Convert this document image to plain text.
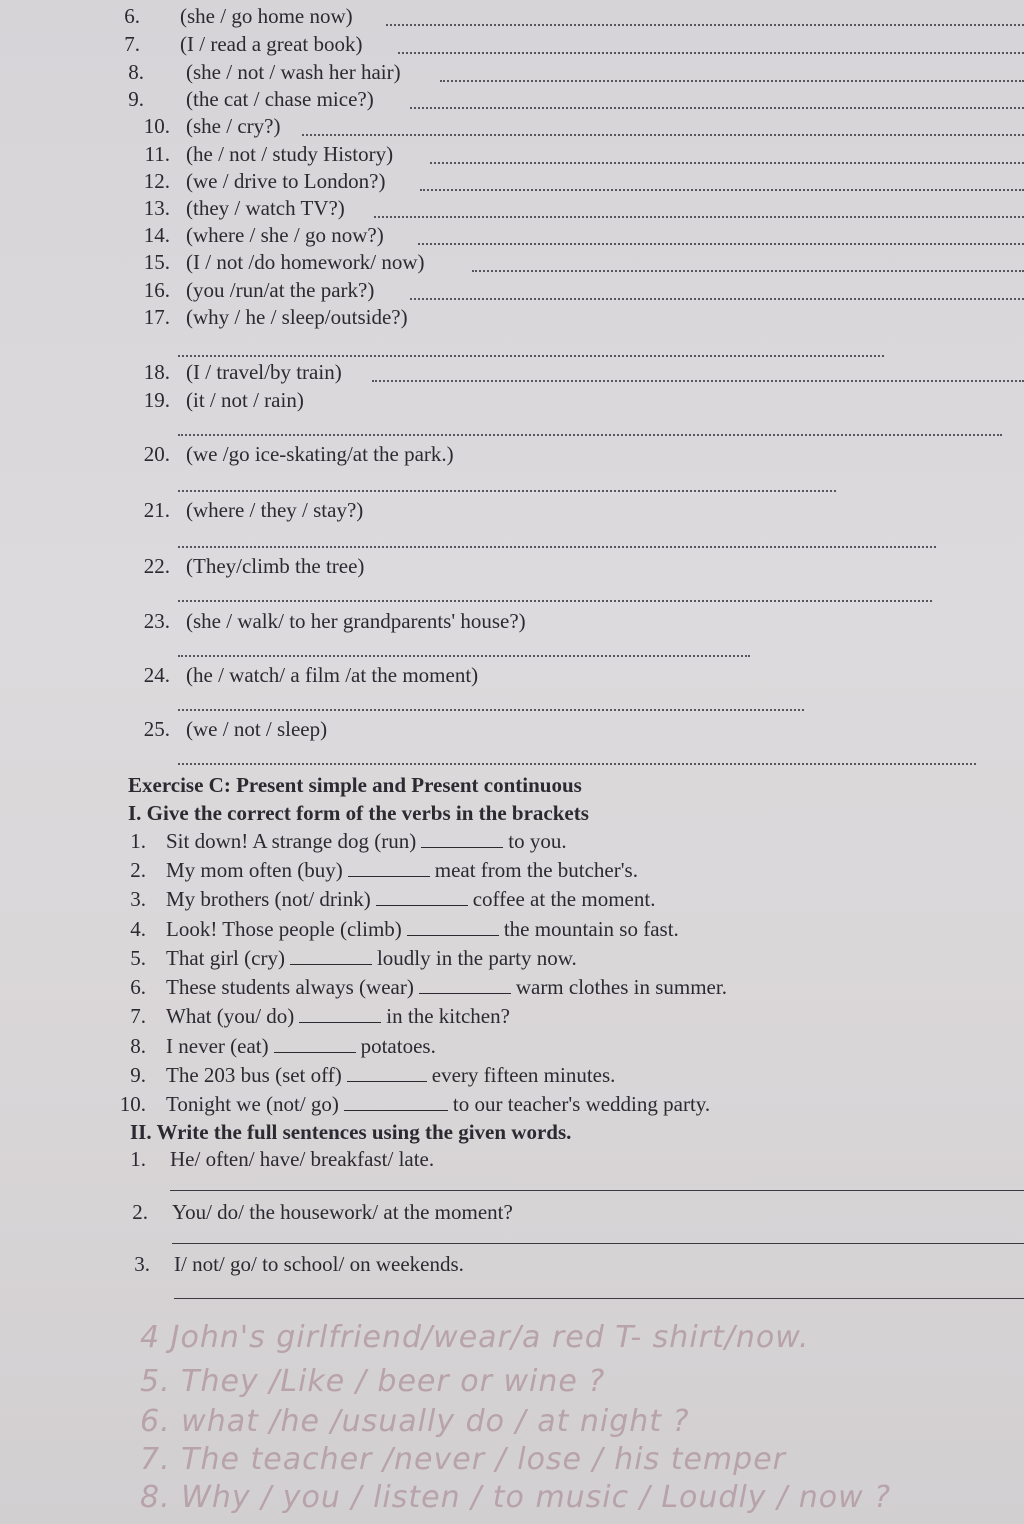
6. (she / go home now)
7. (I / read a great book)
8. (she / not / wash her hair)
9. (the cat / chase mice?)
10. (she / cry?)
11. (he / not / study History)
12. (we / drive to London?)
13. (they / watch TV?)
14. (where / she / go now?)
15. (I / not /do homework/ now)
16. (you /run/at the park?)
17. (why / he / sleep/outside?)
18. (I / travel/by train)
19. (it / not / rain)
20. (we /go ice-skating/at the park.)
21. (where / they / stay?)
22. (They/climb the tree)
23. (she / walk/ to her grandparents' house?)
24. (he / watch/ a film /at the moment)
25. (we / not / sleep)
Exercise C: Present simple and Present continuous
I. Give the correct form of the verbs in the brackets
1. Sit down! A strange dog (run)	to you.
2. My mom often (buy)	meat from the butcher's.
3. My brothers (not/ drink)	coffee at the moment.
4. Look! Those people (climb)	the mountain so fast.
5. That girl (cry)	loudly in the party now.
6. These students always (wear)	warm clothes in summer.
7. What (you/ do)	in the kitchen?
8. I never (eat)	potatoes.
9. The 203 bus (set off)	every fifteen minutes.
10. Tonight we (not/ go)	to our teacher's wedding party.
II. Write the full sentences using the given words.
1. He/ often/ have/ breakfast/ late.
2. You/ do/ the housework/ at the moment?
3. I/ not/ go/ to school/ on weekends.
4 John's girlfriend/wear/a red T- shirt/now.
5. They /Like / beer or wine ?
6. what /he /usually do / at night ?
7. The teacher /never / lose / his temper
8. Why / you / listen / to music / Loudly / now ?
